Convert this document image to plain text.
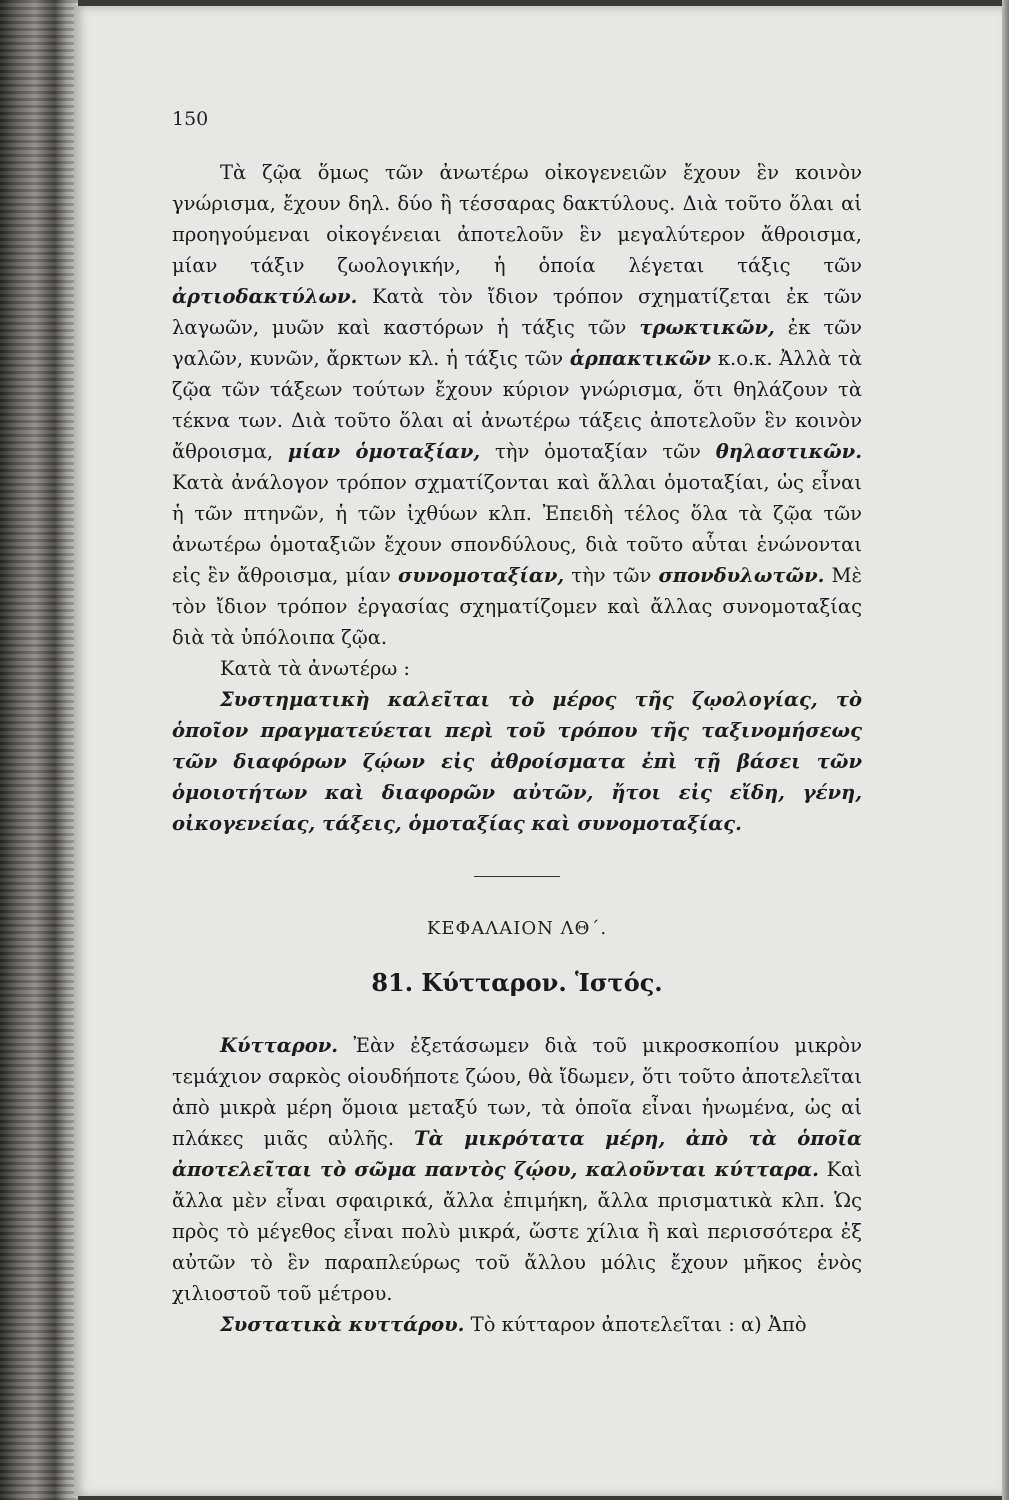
150

Τὰ ζῷα ὅμως τῶν ἀνωτέρω οἰκογενειῶν ἔχουν ἓν κοινὸν γνώρισμα, ἔχουν δηλ. δύο ἢ τέσσαρας δακτύλους. Διὰ τοῦτο ὅλαι αἱ προηγούμεναι οἰκογένειαι ἀποτελοῦν ἓν μεγαλύτερον ἄθροισμα, μίαν τάξιν ζωολογικήν, ἡ ὁποία λέγεται τάξις τῶν ἀρτιοδακτύλων. Κατὰ τὸν ἴδιον τρόπον σχηματίζεται ἐκ τῶν λαγωῶν, μυῶν καὶ καστόρων ἡ τάξις τῶν τρωκτικῶν, ἐκ τῶν γαλῶν, κυνῶν, ἄρκτων κλ. ἡ τάξις τῶν ἁρπακτικῶν κ.ο.κ. Ἀλλὰ τὰ ζῷα τῶν τάξεων τούτων ἔχουν κύριον γνώρισμα, ὅτι θηλάζουν τὰ τέκνα των. Διὰ τοῦτο ὅλαι αἱ ἀνωτέρω τάξεις ἀποτελοῦν ἓν κοινὸν ἄθροισμα, μίαν ὁμοταξίαν, τὴν ὁμοταξίαν τῶν θηλαστικῶν. Κατὰ ἀνάλογον τρόπον σχματίζονται καὶ ἄλλαι ὁμοταξίαι, ὡς εἶναι ἡ τῶν πτηνῶν, ἡ τῶν ἰχθύων κλπ. Ἐπειδὴ τέλος ὅλα τὰ ζῷα τῶν ἀνωτέρω ὁμοταξιῶν ἔχουν σπονδύλους, διὰ τοῦτο αὗται ἑνώνονται εἰς ἓν ἄθροισμα, μίαν συνομοταξίαν, τὴν τῶν σπονδυλωτῶν. Μὲ τὸν ἴδιον τρόπον ἐργασίας σχηματίζομεν καὶ ἄλλας συνομοταξίας διὰ τὰ ὑπόλοιπα ζῷα.

Κατὰ τὰ ἀνωτέρω :

Συστηματικὴ καλεῖται τὸ μέρος τῆς ζῳολογίας, τὸ ὁποῖον πραγματεύεται περὶ τοῦ τρόπου τῆς ταξινομήσεως τῶν διαφόρων ζῴων εἰς ἀθροίσματα ἐπὶ τῇ βάσει τῶν ὁμοιοτήτων καὶ διαφορῶν αὐτῶν, ἤτοι εἰς εἴδη, γένη, οἰκογενείας, τάξεις, ὁμοταξίας καὶ συνομοταξίας.

ΚΕΦΑΛΑΙΟΝ ΛΘ΄.
81. Κύτταρον. Ἱστός.

Κύτταρον. Ἐὰν ἐξετάσωμεν διὰ τοῦ μικροσκοπίου μικρὸν τεμάχιον σαρκὸς οἱουδήποτε ζώου, θὰ ἴδωμεν, ὅτι τοῦτο ἀποτελεῖται ἀπὸ μικρὰ μέρη ὅμοια μεταξύ των, τὰ ὁποῖα εἶναι ἡνωμένα, ὡς αἱ πλάκες μιᾶς αὐλῆς. Τὰ μικρότατα μέρη, ἀπὸ τὰ ὁποῖα ἀποτελεῖται τὸ σῶμα παντὸς ζῴου, καλοῦνται κύτταρα. Καὶ ἄλλα μὲν εἶναι σφαιρικά, ἄλλα ἐπιμήκη, ἄλλα πρισματικὰ κλπ. Ὡς πρὸς τὸ μέγεθος εἶναι πολὺ μικρά, ὥστε χίλια ἢ καὶ περισσότερα ἐξ αὐτῶν τὸ ἓν παραπλεύρως τοῦ ἄλλου μόλις ἔχουν μῆκος ἑνὸς χιλιοστοῦ τοῦ μέτρου.

Συστατικὰ κυττάρου. Τὸ κύτταρον ἀποτελεῖται : α) Ἀπὸ
